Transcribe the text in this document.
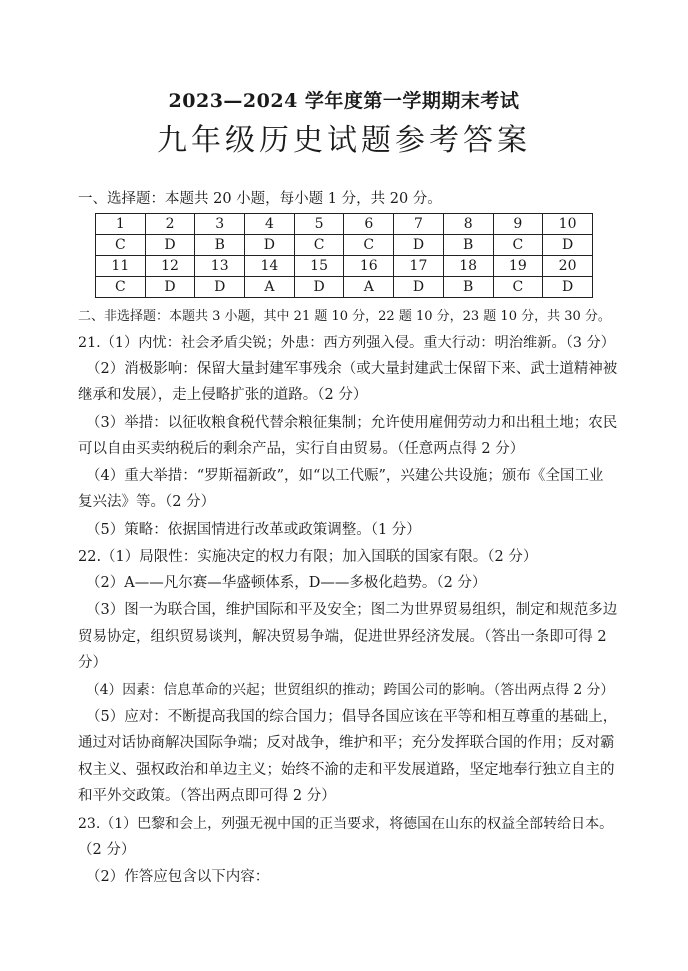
2023—2024 学年度第一学期期末考试
九年级历史试题参考答案
一、选择题：本题共 20 小题，每小题 1 分，共 20 分。
1	2	3	4	5	6	7	8	9	10
C	D	B	D	C	C	D	B	C	D
11	12	13	14	15	16	17	18	19	20
C	D	D	A	D	A	D	B	C	D
二、非选择题：本题共 3 小题，其中 21 题 10 分，22 题 10 分，23 题 10 分，共 30 分。
21.（1）内忧：社会矛盾尖锐；外患：西方列强入侵。重大行动：明治维新。（3 分）
（2）消极影响：保留大量封建军事残余（或大量封建武士保留下来、武士道精神被
继承和发展），走上侵略扩张的道路。（2 分）
（3）举措：以征收粮食税代替余粮征集制；允许使用雇佣劳动力和出租土地；农民
可以自由买卖纳税后的剩余产品，实行自由贸易。（任意两点得 2 分）
（4）重大举措：“罗斯福新政”，如“以工代赈”，兴建公共设施；颁布《全国工业
复兴法》等。（2 分）
（5）策略：依据国情进行改革或政策调整。（1 分）
22.（1）局限性：实施决定的权力有限；加入国联的国家有限。（2 分）
（2）A——凡尔赛—华盛顿体系，D——多极化趋势。（2 分）
（3）图一为联合国，维护国际和平及安全；图二为世界贸易组织，制定和规范多边
贸易协定，组织贸易谈判，解决贸易争端，促进世界经济发展。（答出一条即可得 2
分）
（4）因素：信息革命的兴起；世贸组织的推动；跨国公司的影响。（答出两点得 2 分）
（5）应对：不断提高我国的综合国力；倡导各国应该在平等和相互尊重的基础上，
通过对话协商解决国际争端；反对战争，维护和平；充分发挥联合国的作用；反对霸
权主义、强权政治和单边主义；始终不渝的走和平发展道路，坚定地奉行独立自主的
和平外交政策。（答出两点即可得 2 分）
23.（1）巴黎和会上，列强无视中国的正当要求，将德国在山东的权益全部转给日本。
（2 分）
（2）作答应包含以下内容：
